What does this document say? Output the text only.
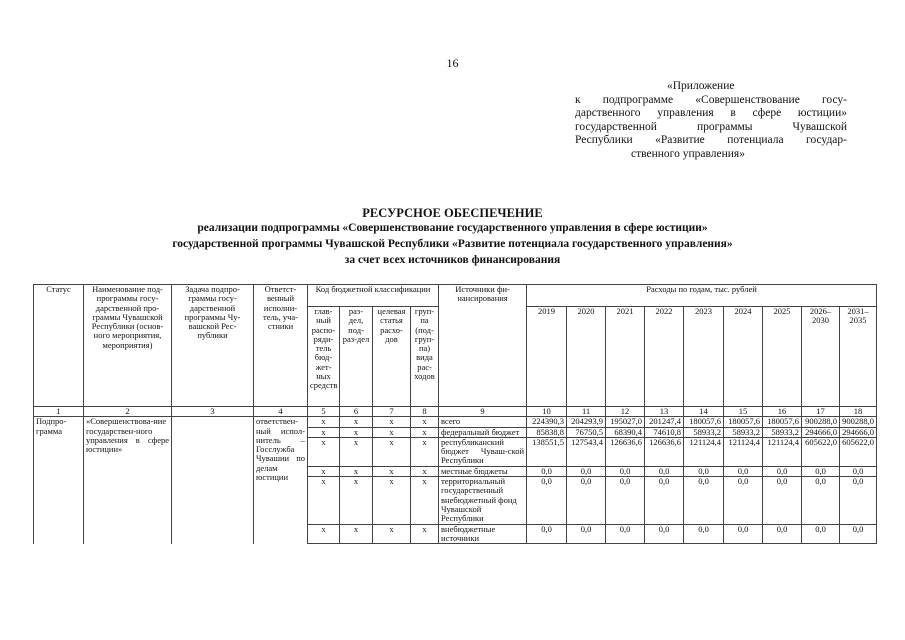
16
«Приложение
к подпрограмме «Совершенствование госу-
дарственного управления в сфере юстиции»
государственной программы Чувашской
Республики «Развитие потенциала государ-
ственного управления»
РЕСУРСНОЕ ОБЕСПЕЧЕНИЕ
реализации подпрограммы «Совершенствование государственного управления в сфере юстиции»
государственной программы Чувашской Республики «Развитие потенциала государственного управления»
за счет всех источников финансирования
Статус	Наименование под-программы госу-дарственной про-граммы Чувашской Республики (основ-ного мероприятия, мероприятия)	Задача подпро-граммы госу-дарственной программы Чу-вашской Рес-публики	Ответст-венный исполни-тель, уча-стники	Код бюджетной классификации				Источники фи-нансирования	Расходы по годам, тыс. рублей								
				глав-ный распо-ряди-тель бюд-жет-ных средств	раз-дел, под-раз-дел	целевая статья расхо-дов	груп-па (под-груп-па) вида рас-ходов		2019	2020	2021	2022	2023	2024	2025	2026–2030	2031–2035
1	2	3	4	5	6	7	8	9	10	11	12	13	14	15	16	17	18
Подпро-грамма	«Совершенствова-ние государствен-ного управления в сфере юстиции»		ответствен-ный испол-нитель – Госслужба Чувашии по делам юстиции	x	x	x	x	всего	224390,3	204293,9	195027,0	201247,4	180057,6	180057,6	180057,6	900288,0	900288,0
				x	x	x	x	федеральный бюджет	85838,8	76750,5	68390,4	74610,8	58933,2	58933,2	58933,2	294666,0	294666,0
				x	x	x	x	республиканский бюджет Чуваш-ской Республики	138551,5	127543,4	126636,6	126636,6	121124,4	121124,4	121124,4	605622,0	605622,0
				x	x	x	x	местные бюджеты	0,0	0,0	0,0	0,0	0,0	0,0	0,0	0,0	0,0
				x	x	x	x	территориальный государственный внебюджетный фонд Чувашской Республики	0,0	0,0	0,0	0,0	0,0	0,0	0,0	0,0	0,0
				x	x	x	x	внебюджетные источники	0,0	0,0	0,0	0,0	0,0	0,0	0,0	0,0	0,0
